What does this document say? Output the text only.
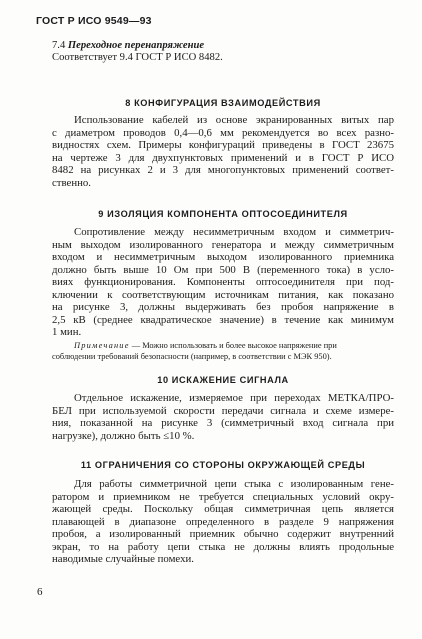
ГОСТ Р ИСО 9549—93
7.4 Переходное перенапряжение
Соответствует 9.4 ГОСТ Р ИСО 8482.
8 КОНФИГУРАЦИЯ ВЗАИМОДЕЙСТВИЯ
Использование кабелей из основе экранированных витых пар
с диаметром проводов 0,4—0,6 мм рекомендуется во всех разно-
видностях схем. Примеры конфигураций приведены в ГОСТ 23675
на чертеже 3 для двухпунктовых применений и в ГОСТ Р ИСО
8482 на рисунках 2 и 3 для многопунктовых применений соответ-
ственно.
9 ИЗОЛЯЦИЯ КОМПОНЕНТА ОПТОСОЕДИНИТЕЛЯ
Сопротивление между несимметричным входом и симметрич-
ным выходом изолированного генератора и между симметричным
входом и несимметричным выходом изолированного приемника
должно быть выше 10 Ом при 500 В (переменного тока) в усло-
виях функционирования. Компоненты оптосоединителя при под-
ключении к соответствующим источникам питания, как показано
на рисунке 3, должны выдерживать без пробоя напряжение в
2,5 кВ (среднее квадратическое значение) в течение как минимум
1 мин.
Примечание — Можно использовать и более высокое напряжение при
соблюдении требований безопасности (например, в соответствии с МЭК 950).
10 ИСКАЖЕНИЕ СИГНАЛА
Отдельное искажение, измеряемое при переходах МЕТКА/ПРО-
БЕЛ при используемой скорости передачи сигнала и схеме измере-
ния, показанной на рисунке 3 (симметричный вход сигнала при
нагрузке), должно быть ≤10 %.
11 ОГРАНИЧЕНИЯ СО СТОРОНЫ ОКРУЖАЮЩЕЙ СРЕДЫ
Для работы симметричной цепи стыка с изолированным гене-
ратором и приемником не требуется специальных условий окру-
жающей среды. Поскольку общая симметричная цепь является
плавающей в диапазоне определенного в разделе 9 напряжения
пробоя, а изолированный приемник обычно содержит внутренний
экран, то на работу цепи стыка не должны влиять продольные
наводимые случайные помехи.
6
